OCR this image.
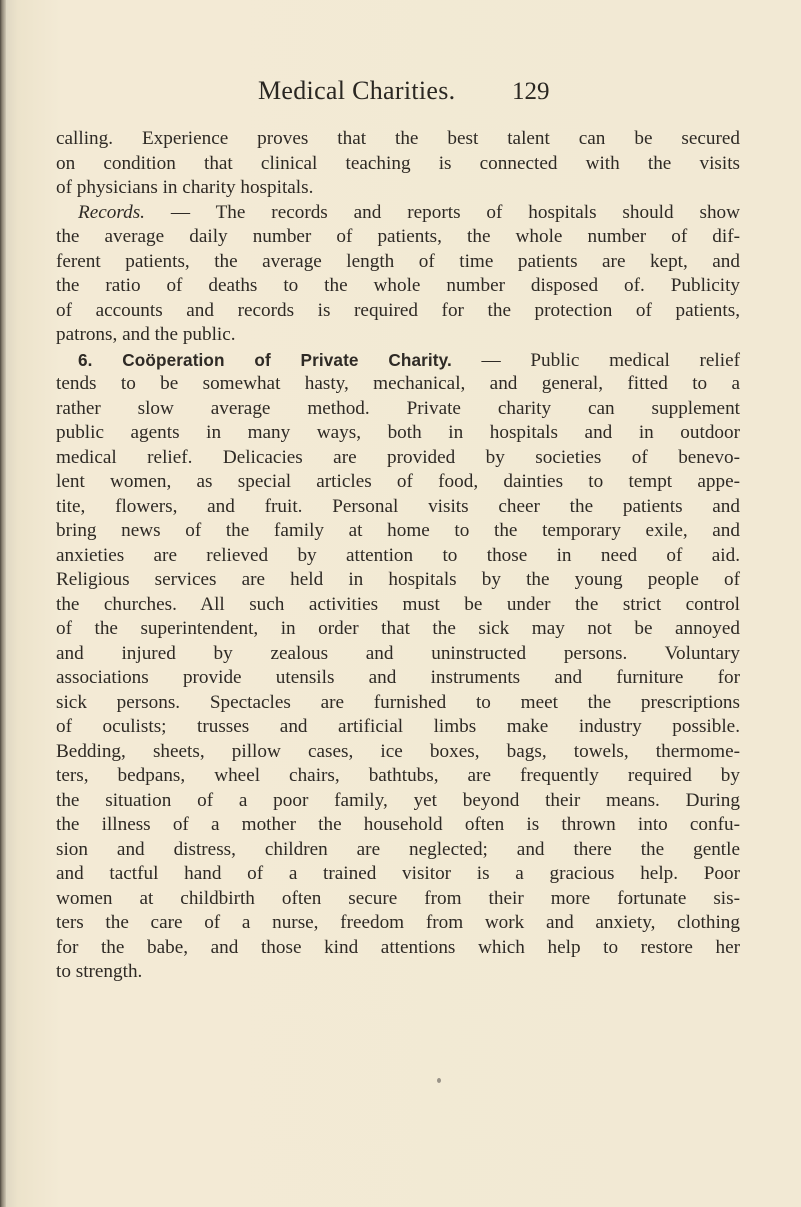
Medical Charities. 129
calling. Experience proves that the best talent can be secured
on condition that clinical teaching is connected with the visits
of physicians in charity hospitals.
Records. — The records and reports of hospitals should show
the average daily number of patients, the whole number of dif-
ferent patients, the average length of time patients are kept, and
the ratio of deaths to the whole number disposed of. Publicity
of accounts and records is required for the protection of patients,
patrons, and the public.
6. Coöperation of Private Charity. — Public medical relief
tends to be somewhat hasty, mechanical, and general, fitted to a
rather slow average method. Private charity can supplement
public agents in many ways, both in hospitals and in outdoor
medical relief. Delicacies are provided by societies of benevo-
lent women, as special articles of food, dainties to tempt appe-
tite, flowers, and fruit. Personal visits cheer the patients and
bring news of the family at home to the temporary exile, and
anxieties are relieved by attention to those in need of aid.
Religious services are held in hospitals by the young people of
the churches. All such activities must be under the strict control
of the superintendent, in order that the sick may not be annoyed
and injured by zealous and uninstructed persons. Voluntary
associations provide utensils and instruments and furniture for
sick persons. Spectacles are furnished to meet the prescriptions
of oculists; trusses and artificial limbs make industry possible.
Bedding, sheets, pillow cases, ice boxes, bags, towels, thermome-
ters, bedpans, wheel chairs, bathtubs, are frequently required by
the situation of a poor family, yet beyond their means. During
the illness of a mother the household often is thrown into confu-
sion and distress, children are neglected; and there the gentle
and tactful hand of a trained visitor is a gracious help. Poor
women at childbirth often secure from their more fortunate sis-
ters the care of a nurse, freedom from work and anxiety, clothing
for the babe, and those kind attentions which help to restore her
to strength.
